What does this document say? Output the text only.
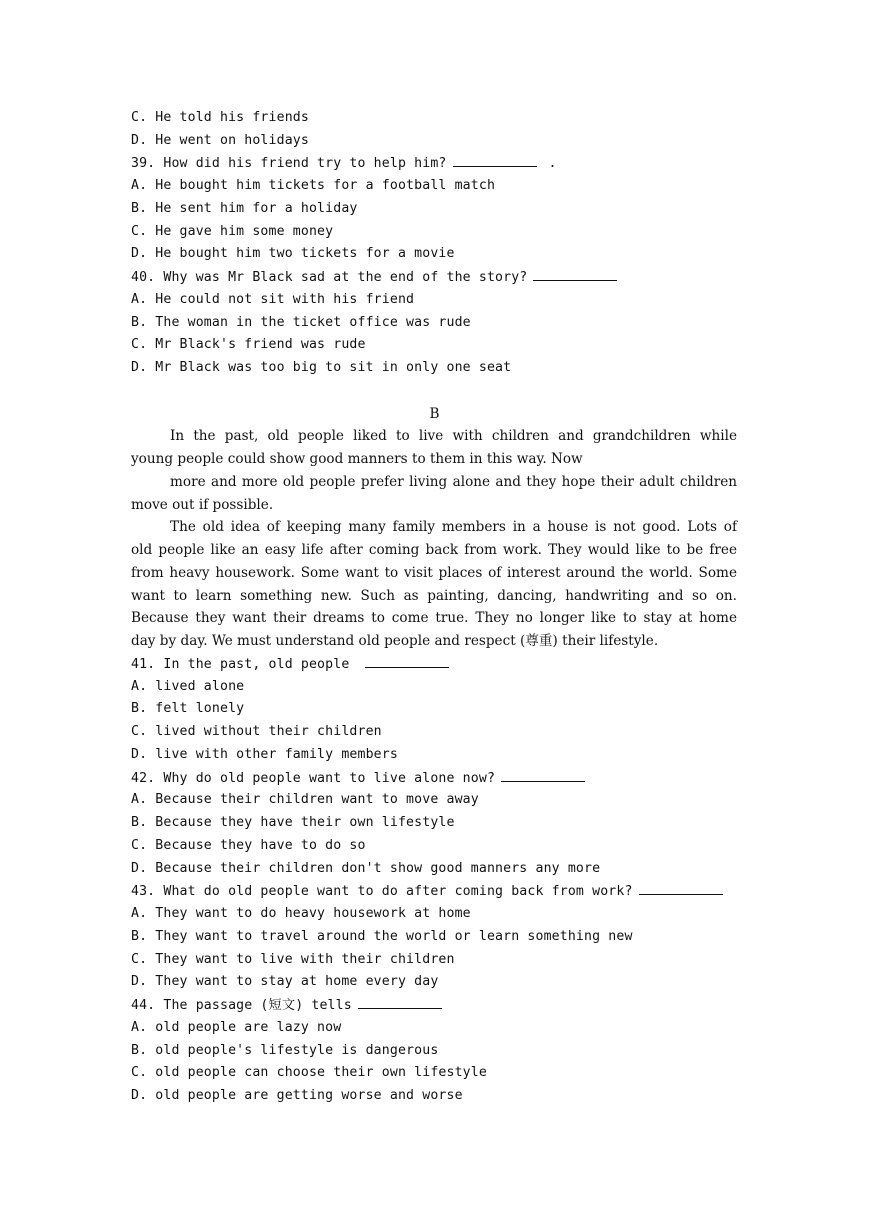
C. He told his friends
D. He went on holidays
39. How did his friend try to help him?	.
A. He bought him tickets for a football match
B. He sent him for a holiday
C. He gave him some money
D. He bought him two tickets for a movie
40. Why was Mr Black sad at the end of the story?
A. He could not sit with his friend
B. The woman in the ticket office was rude
C. Mr Black's friend was rude
D. Mr Black was too big to sit in only one seat
B
In the past, old people liked to live with children and grandchildren while
young people could show good manners to them in this way. Now
more and more old people prefer living alone and they hope their adult children
move out if possible.
The old idea of keeping many family members in a house is not good. Lots of
old people like an easy life after coming back from work. They would like to be free
from heavy housework. Some want to visit places of interest around the world. Some
want to learn something new. Such as painting, dancing, handwriting and so on.
Because they want their dreams to come true. They no longer like to stay at home
day by day. We must understand old people and respect (尊重) their lifestyle.
41. In the past, old people
A. lived alone
B. felt lonely
C. lived without their children
D. live with other family members
42. Why do old people want to live alone now?
A. Because their children want to move away
B. Because they have their own lifestyle
C. Because they have to do so
D. Because their children don't show good manners any more
43. What do old people want to do after coming back from work?
A. They want to do heavy housework at home
B. They want to travel around the world or learn something new
C. They want to live with their children
D. They want to stay at home every day
44. The passage (短文) tells
A. old people are lazy now
B. old people's lifestyle is dangerous
C. old people can choose their own lifestyle
D. old people are getting worse and worse
